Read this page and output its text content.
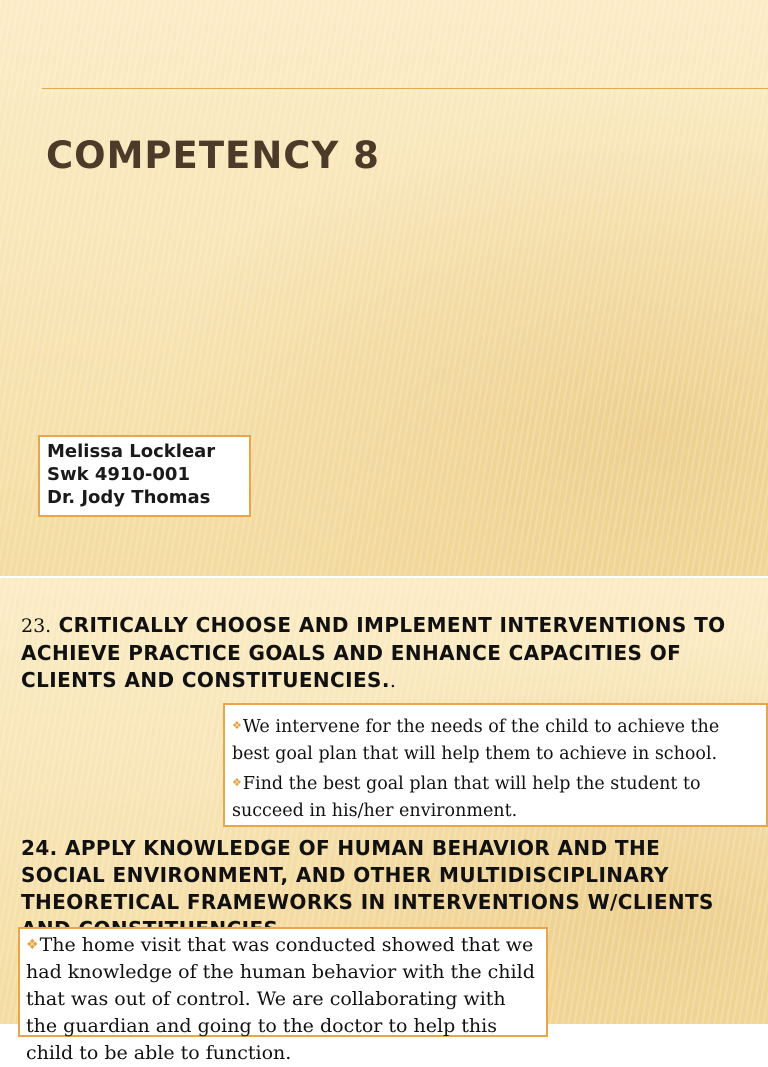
COMPETENCY 8
Melissa Locklear
Swk 4910-001
Dr. Jody Thomas
23. CRITICALLY CHOOSE AND IMPLEMENT INTERVENTIONS TO ACHIEVE PRACTICE GOALS AND ENHANCE CAPACITIES OF CLIENTS AND CONSTITUENCIES..

❖We intervene for the needs of the child to achieve the best goal plan that will help them to achieve in school.

❖Find the best goal plan that will help the student to succeed in his/her environment.

24. APPLY KNOWLEDGE OF HUMAN BEHAVIOR AND THE SOCIAL ENVIRONMENT, AND OTHER MULTIDISCIPLINARY THEORETICAL FRAMEWORKS IN INTERVENTIONS W/CLIENTS

❖The home visit that was conducted showed that we had knowledge of the human behavior with the child that was out of control. We are collaborating with the guardian and going to the doctor to help this child to be able to function.
